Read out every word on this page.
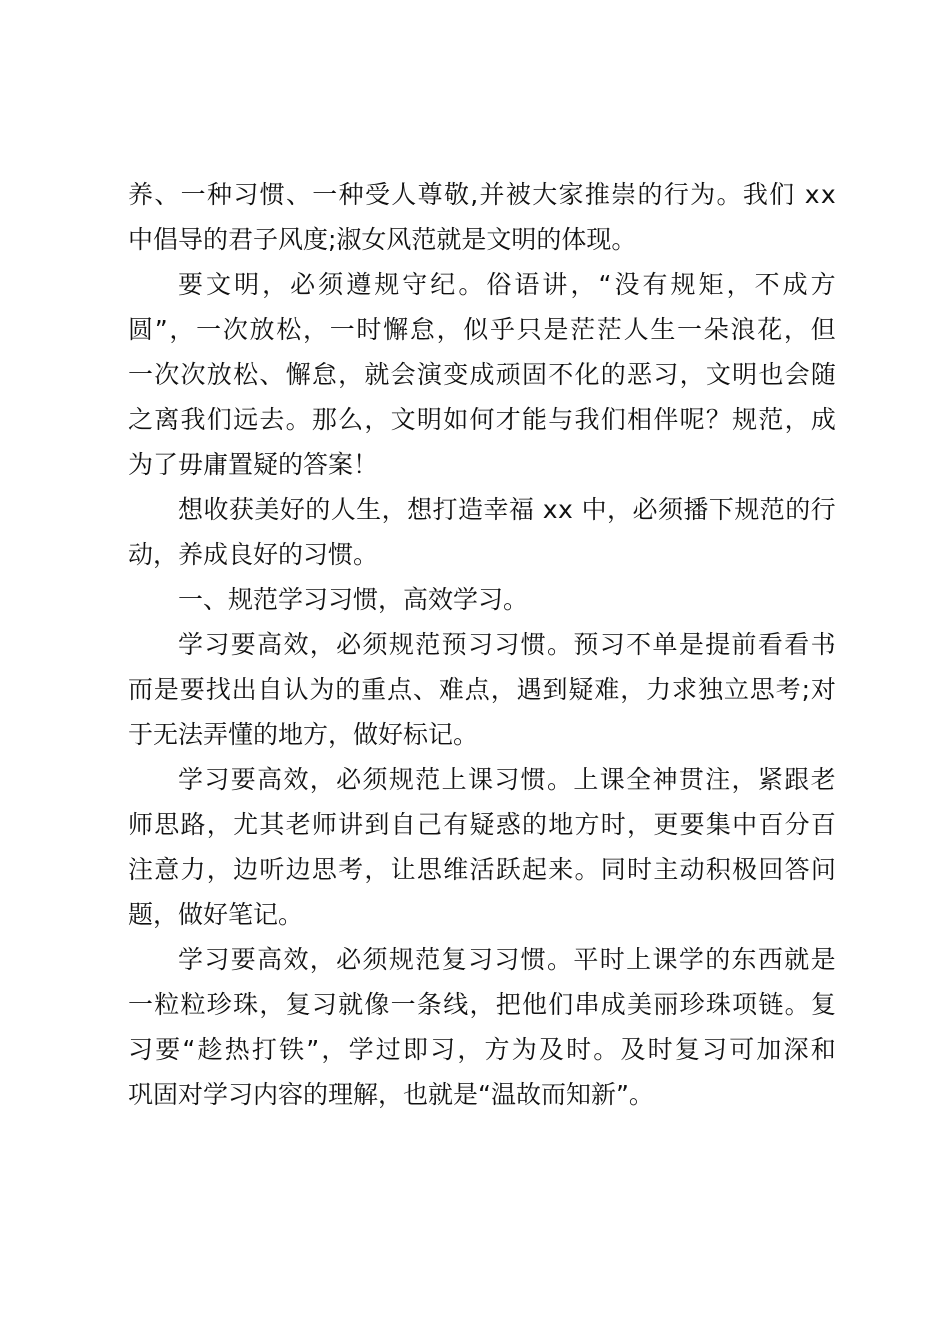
养 、 一 种 习 惯 、 一 种 受 人 尊 敬 , 并 被 大 家 推 崇 的 行 为 。 我 们
x x
中倡导的君子风度;淑女风范就是文明的体现。
要 文 明 ， 必 须 遵 规 守 纪 。 俗 语 讲 ， “ 没 有 规 矩 ， 不 成 方
圆 ” ， 一 次 放 松 ， 一 时 懈 怠 ， 似 乎 只 是 茫 茫 人 生 一 朵 浪 花 ， 但
一 次 次 放 松 、 懈 怠 ， 就 会 演 变 成 顽 固 不 化 的 恶 习 ， 文 明 也 会 随
之 离 我 们 远 去 。 那 么 ， 文 明 如 何 才 能 与 我 们 相 伴 呢 ？ 规 范 ， 成
为了毋庸置疑的答案！
想 收 获 美 好 的 人 生 ， 想 打 造 幸 福
x x
中 ， 必 须 播 下 规 范 的 行
动，养成良好的习惯。
一、规范学习习惯，高效学习。
学 习 要 高 效 ， 必 须 规 范 预 习 习 惯 。 预 习 不 单 是 提 前 看 看 书
而 是 要 找 出 自 认 为 的 重 点 、 难 点 ， 遇 到 疑 难 ， 力 求 独 立 思 考 ; 对
于无法弄懂的地方，做好标记。
学 习 要 高 效 ， 必 须 规 范 上 课 习 惯 。 上 课 全 神 贯 注 ， 紧 跟 老
师 思 路 ， 尤 其 老 师 讲 到 自 己 有 疑 惑 的 地 方 时 ， 更 要 集 中 百 分 百
注 意 力 ， 边 听 边 思 考 ， 让 思 维 活 跃 起 来 。 同 时 主 动 积 极 回 答 问
题，做好笔记。
学 习 要 高 效 ， 必 须 规 范 复 习 习 惯 。 平 时 上 课 学 的 东 西 就 是
一 粒 粒 珍 珠 ， 复 习 就 像 一 条 线 ， 把 他 们 串 成 美 丽 珍 珠 项 链 。 复
习 要 “ 趁 热 打 铁 ” ， 学 过 即 习 ， 方 为 及 时 。 及 时 复 习 可 加 深 和
巩固对学习内容的理解，也就是“温故而知新”。
